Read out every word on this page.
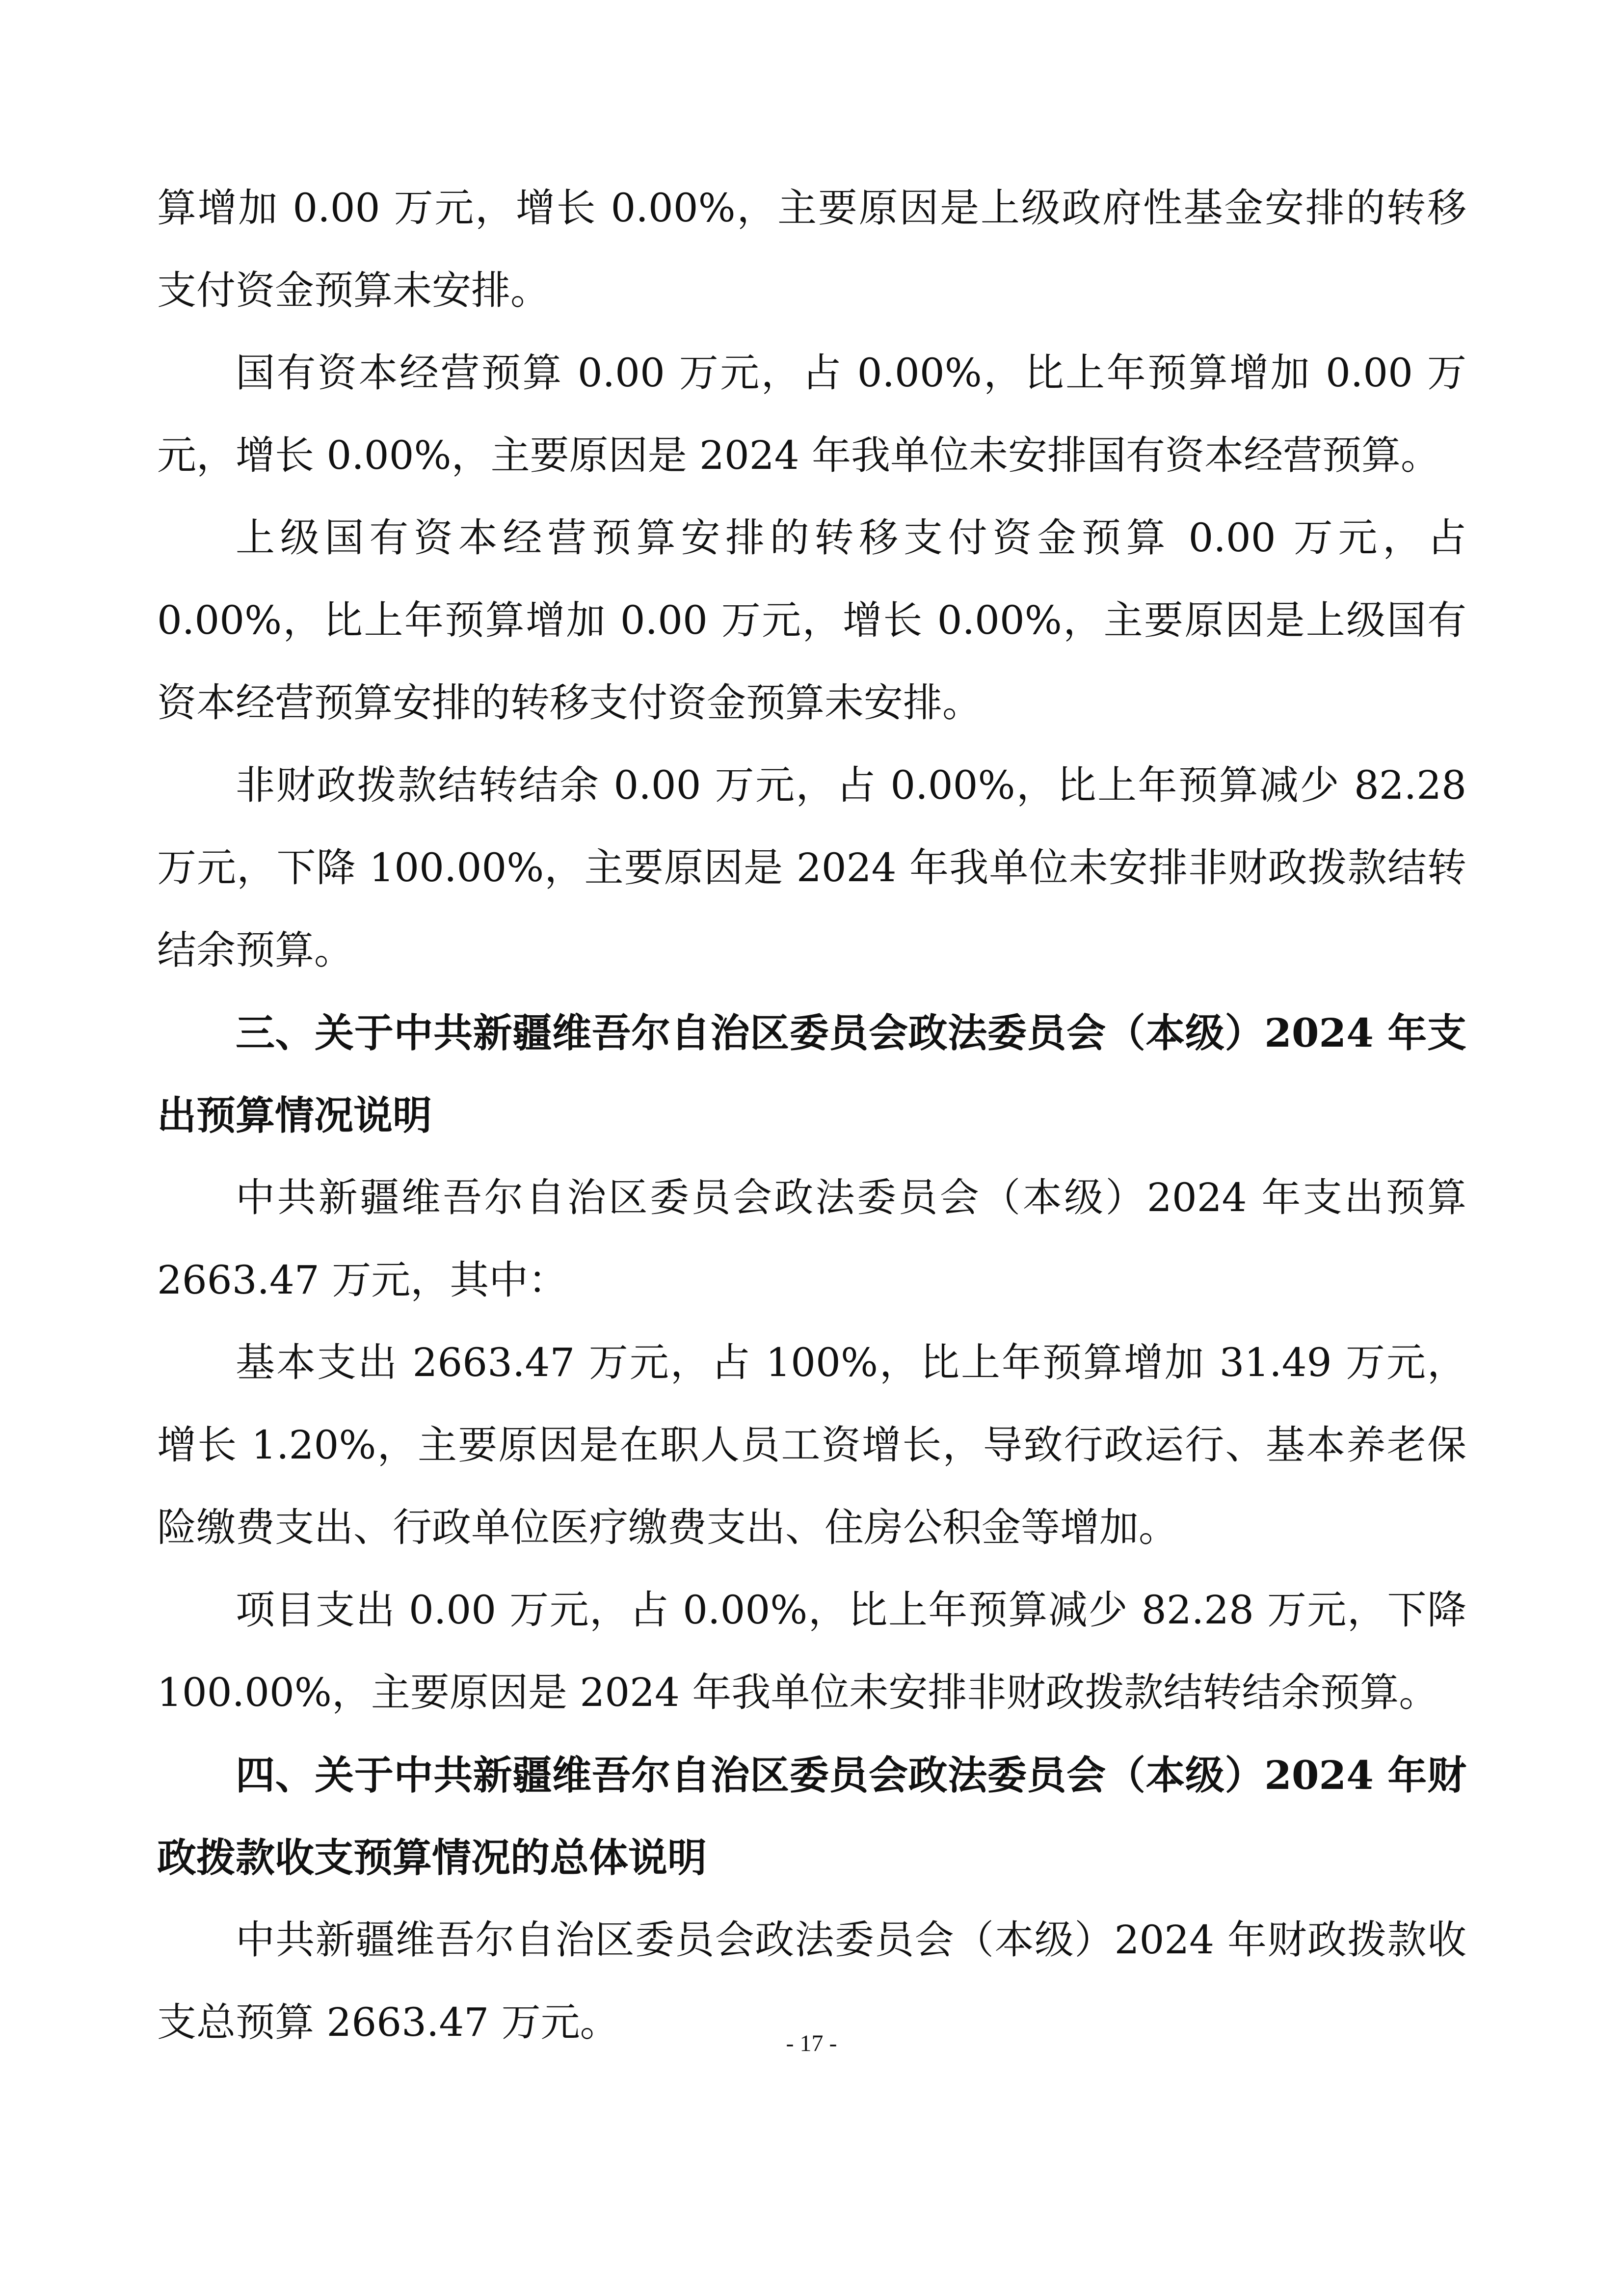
算增加 0.00 万元，增长 0.00%，主要原因是上级政府性基金安排的转移支付资金预算未安排。

国有资本经营预算 0.00 万元，占 0.00%，比上年预算增加 0.00 万元，增长 0.00%，主要原因是 2024 年我单位未安排国有资本经营预算。

上级国有资本经营预算安排的转移支付资金预算 0.00 万元，占 0.00%，比上年预算增加 0.00 万元，增长 0.00%，主要原因是上级国有资本经营预算安排的转移支付资金预算未安排。

非财政拨款结转结余 0.00 万元，占 0.00%，比上年预算减少 82.28 万元，下降 100.00%，主要原因是 2024 年我单位未安排非财政拨款结转结余预算。

三、关于中共新疆维吾尔自治区委员会政法委员会（本级）2024 年支出预算情况说明

中共新疆维吾尔自治区委员会政法委员会（本级）2024 年支出预算 2663.47 万元，其中：

基本支出 2663.47 万元，占 100%，比上年预算增加 31.49 万元，增长 1.20%，主要原因是在职人员工资增长，导致行政运行、基本养老保险缴费支出、行政单位医疗缴费支出、住房公积金等增加。

项目支出 0.00 万元，占 0.00%，比上年预算减少 82.28 万元，下降 100.00%，主要原因是 2024 年我单位未安排非财政拨款结转结余预算。

四、关于中共新疆维吾尔自治区委员会政法委员会（本级）2024 年财政拨款收支预算情况的总体说明

中共新疆维吾尔自治区委员会政法委员会（本级）2024 年财政拨款收支总预算 2663.47 万元。	- 17 -
